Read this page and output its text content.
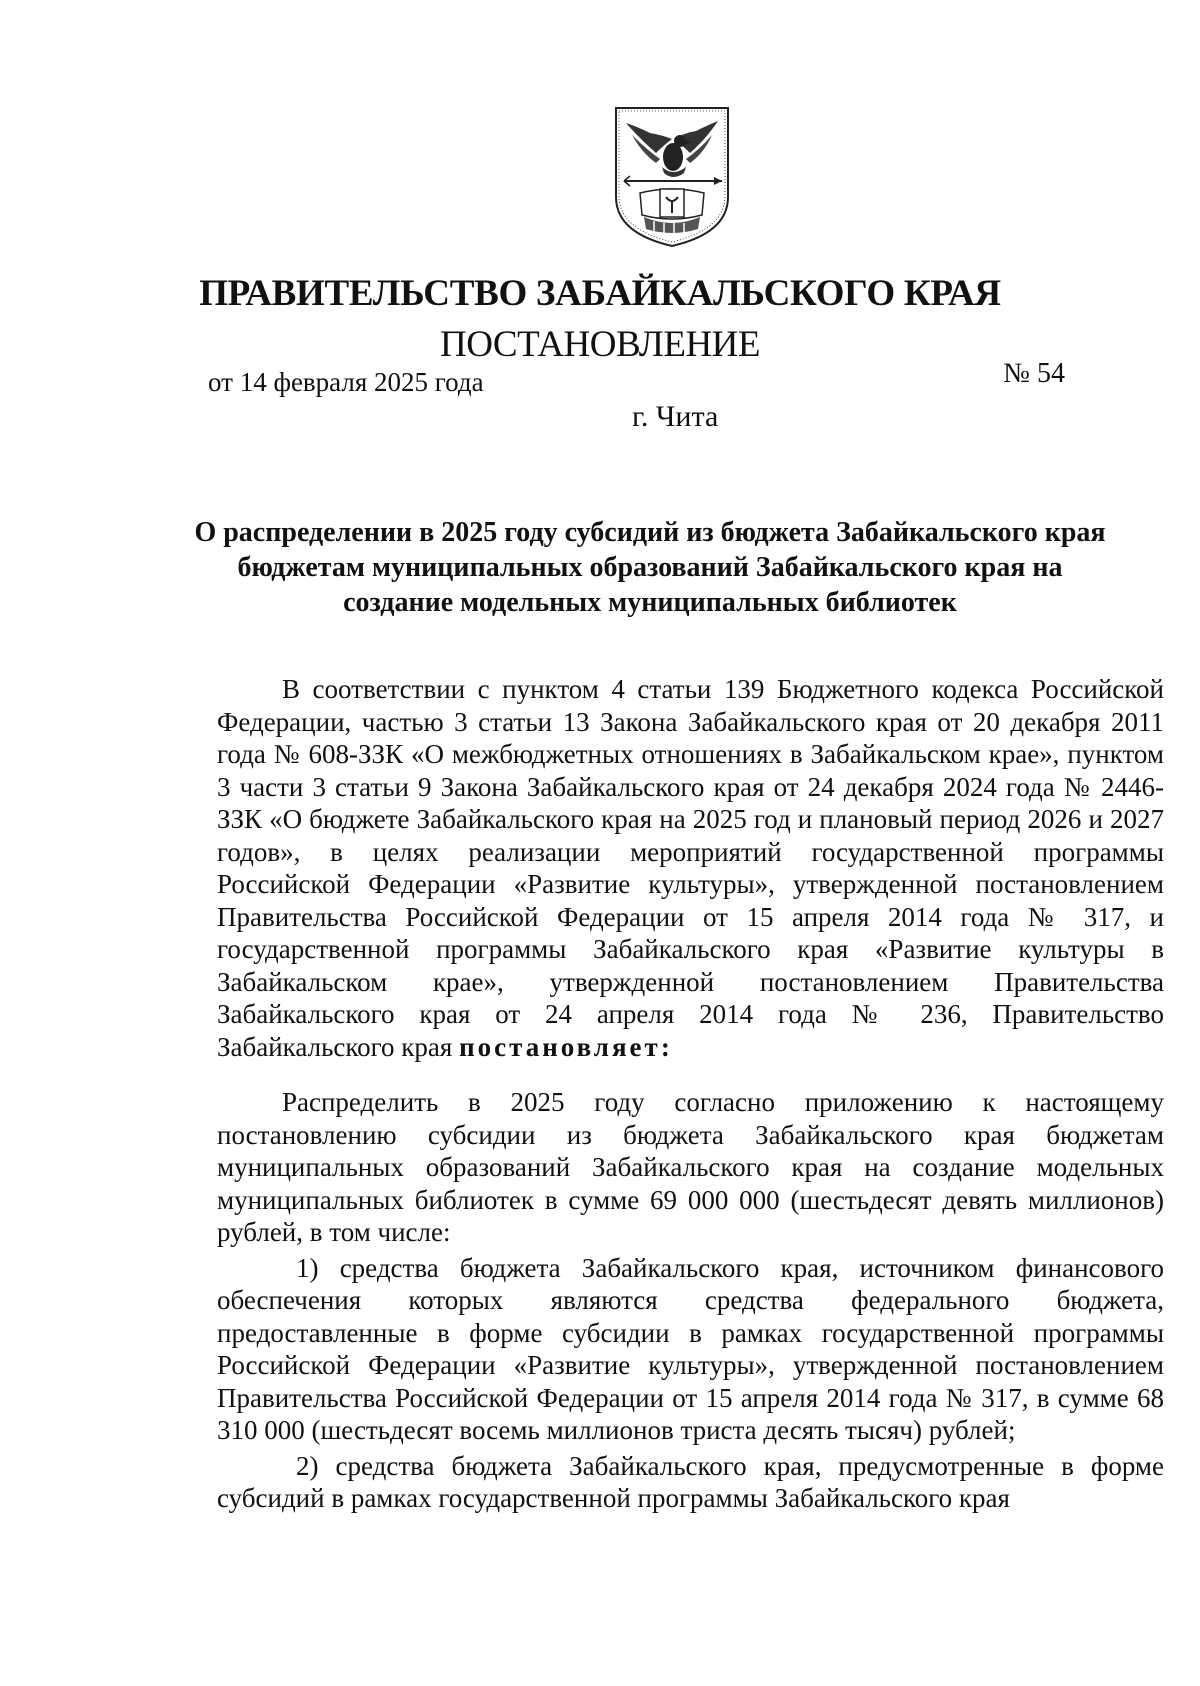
ПРАВИТЕЛЬСТВО ЗАБАЙКАЛЬСКОГО КРАЯ
ПОСТАНОВЛЕНИЕ
от 14 февраля 2025 года	№ 54
г. Чита
О распределении в 2025 году субсидий из бюджета Забайкальского края бюджетам муниципальных образований Забайкальского края на создание модельных муниципальных библиотек

В соответствии с пунктом 4 статьи 139 Бюджетного кодекса Российской Федерации, частью 3 статьи 13 Закона Забайкальского края от 20 декабря 2011 года № 608-ЗЗК «О межбюджетных отношениях в Забайкальском крае», пунктом 3 части 3 статьи 9 Закона Забайкальского края от 24 декабря 2024 года № 2446-ЗЗК «О бюджете Забайкальского края на 2025 год и плановый период 2026 и 2027 годов», в целях реализации мероприятий государственной программы Российской Федерации «Развитие культуры», утвержденной постановлением Правительства Российской Федерации от 15 апреля 2014 года № 317, и государственной программы Забайкальского края «Развитие культуры в Забайкальском крае», утвержденной постановлением Правительства Забайкальского края от 24 апреля 2014 года № 236, Правительство Забайкальского края постановляет:

Распределить в 2025 году согласно приложению к настоящему постановлению субсидии из бюджета Забайкальского края бюджетам муниципальных образований Забайкальского края на создание модельных муниципальных библиотек в сумме 69 000 000 (шестьдесят девять миллионов) рублей, в том числе:

1) средства бюджета Забайкальского края, источником финансового обеспечения которых являются средства федерального бюджета, предоставленные в форме субсидии в рамках государственной программы Российской Федерации «Развитие культуры», утвержденной постановлением Правительства Российской Федерации от 15 апреля 2014 года № 317, в сумме 68 310 000 (шестьдесят восемь миллионов триста десять тысяч) рублей;

2) средства бюджета Забайкальского края, предусмотренные в форме субсидий в рамках государственной программы Забайкальского края
